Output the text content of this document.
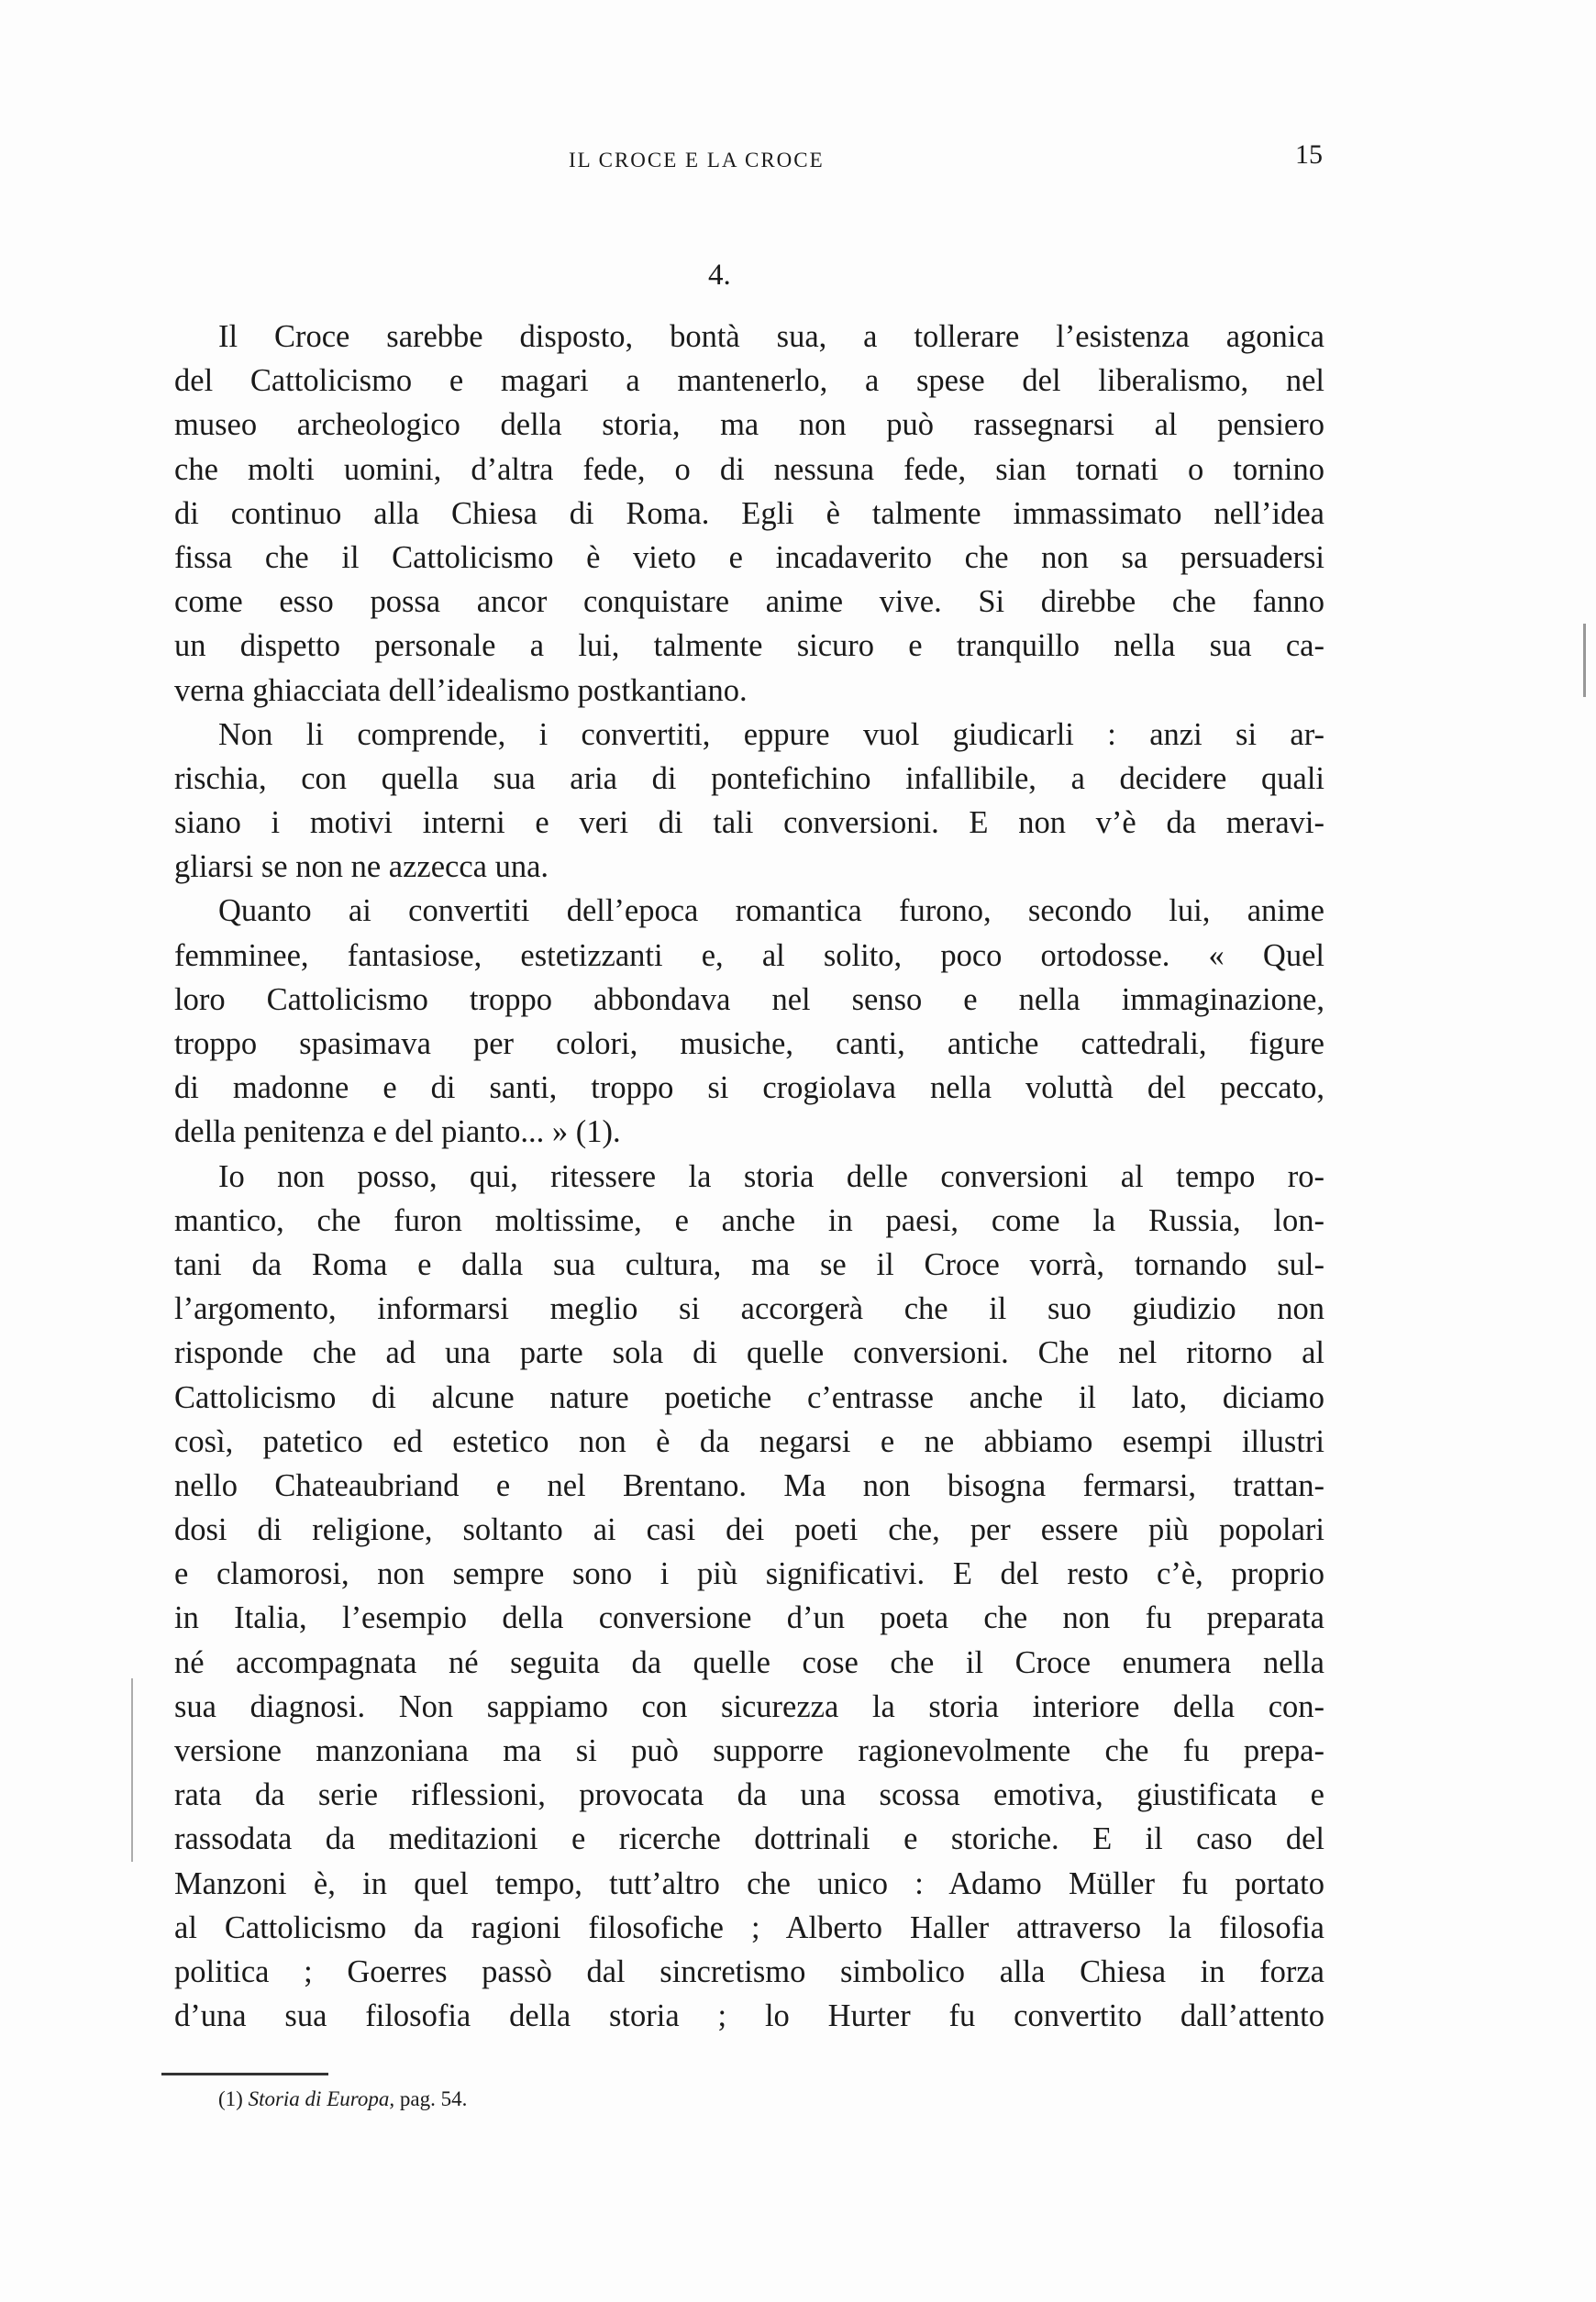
IL CROCE E LA CROCE	15
4.
Il Croce sarebbe disposto, bontà sua, a tollerare l’esistenza agonica
del Cattolicismo e magari a mantenerlo, a spese del liberalismo, nel
museo archeologico della storia, ma non può rassegnarsi al pensiero
che molti uomini, d’altra fede, o di nessuna fede, sian tornati o tornino
di continuo alla Chiesa di Roma. Egli è talmente immassimato nell’idea
fissa che il Cattolicismo è vieto e incadaverito che non sa persuadersi
come esso possa ancor conquistare anime vive. Si direbbe che fanno
un dispetto personale a lui, talmente sicuro e tranquillo nella sua ca-
verna ghiacciata dell’idealismo postkantiano.
Non li comprende, i convertiti, eppure vuol giudicarli : anzi si ar-
rischia, con quella sua aria di pontefichino infallibile, a decidere quali
siano i motivi interni e veri di tali conversioni. E non v’è da meravi-
gliarsi se non ne azzecca una.
Quanto ai convertiti dell’epoca romantica furono, secondo lui, anime
femminee, fantasiose, estetizzanti e, al solito, poco ortodosse. « Quel
loro Cattolicismo troppo abbondava nel senso e nella immaginazione,
troppo spasimava per colori, musiche, canti, antiche cattedrali, figure
di madonne e di santi, troppo si crogiolava nella voluttà del peccato,
della penitenza e del pianto... » (1).
Io non posso, qui, ritessere la storia delle conversioni al tempo ro-
mantico, che furon moltissime, e anche in paesi, come la Russia, lon-
tani da Roma e dalla sua cultura, ma se il Croce vorrà, tornando sul-
l’argomento, informarsi meglio si accorgerà che il suo giudizio non
risponde che ad una parte sola di quelle conversioni. Che nel ritorno al
Cattolicismo di alcune nature poetiche c’entrasse anche il lato, diciamo
così, patetico ed estetico non è da negarsi e ne abbiamo esempi illustri
nello Chateaubriand e nel Brentano. Ma non bisogna fermarsi, trattan-
dosi di religione, soltanto ai casi dei poeti che, per essere più popolari
e clamorosi, non sempre sono i più significativi. E del resto c’è, proprio
in Italia, l’esempio della conversione d’un poeta che non fu preparata
né accompagnata né seguita da quelle cose che il Croce enumera nella
sua diagnosi. Non sappiamo con sicurezza la storia interiore della con-
versione manzoniana ma si può supporre ragionevolmente che fu prepa-
rata da serie riflessioni, provocata da una scossa emotiva, giustificata e
rassodata da meditazioni e ricerche dottrinali e storiche. E il caso del
Manzoni è, in quel tempo, tutt’altro che unico : Adamo Müller fu portato
al Cattolicismo da ragioni filosofiche ; Alberto Haller attraverso la filosofia
politica ; Goerres passò dal sincretismo simbolico alla Chiesa in forza
d’una sua filosofia della storia ; lo Hurter fu convertito dall’attento
(1) Storia di Europa, pag. 54.
